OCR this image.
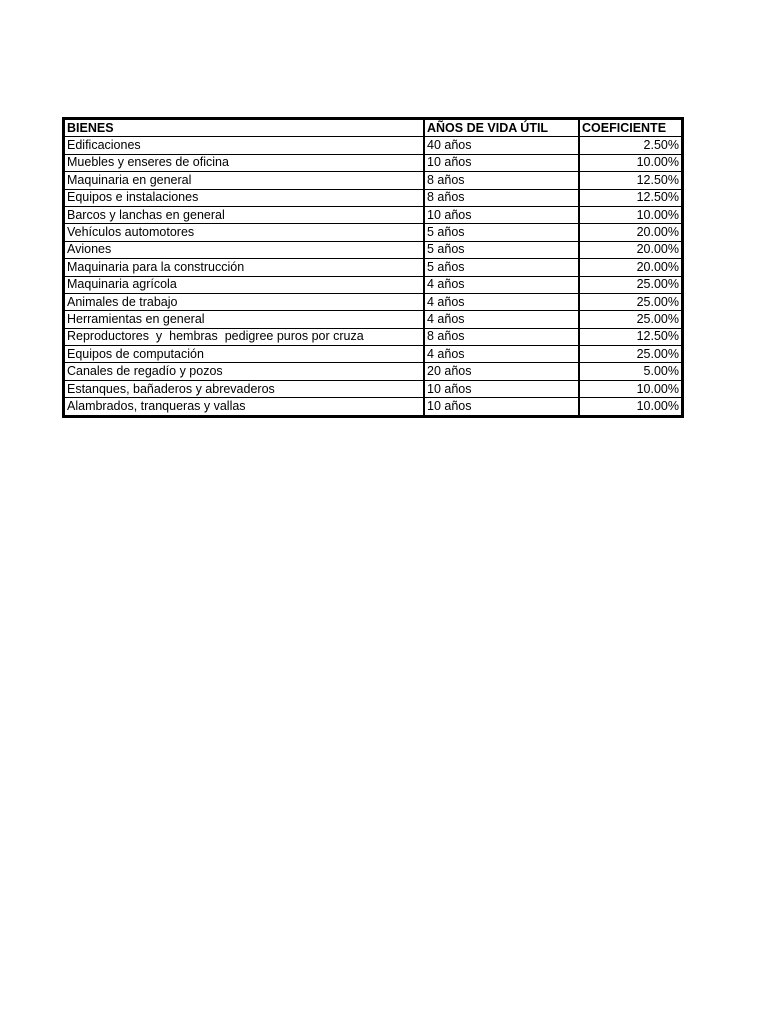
BIENES	AÑOS DE VIDA ÚTIL	COEFICIENTE
Edificaciones	40 años	2.50%
Muebles y enseres de oficina	10 años	10.00%
Maquinaria en general	8 años	12.50%
Equipos e instalaciones	8 años	12.50%
Barcos y lanchas en general	10 años	10.00%
Vehículos automotores	5 años	20.00%
Aviones	5 años	20.00%
Maquinaria para la construcción	5 años	20.00%
Maquinaria agrícola	4 años	25.00%
Animales de trabajo	4 años	25.00%
Herramientas en general	4 años	25.00%
Reproductores  y  hembras  pedigree puros por cruza	8 años	12.50%
Equipos de computación	4 años	25.00%
Canales de regadío y pozos	20 años	5.00%
Estanques, bañaderos y abrevaderos	10 años	10.00%
Alambrados, tranqueras y vallas	10 años	10.00%
